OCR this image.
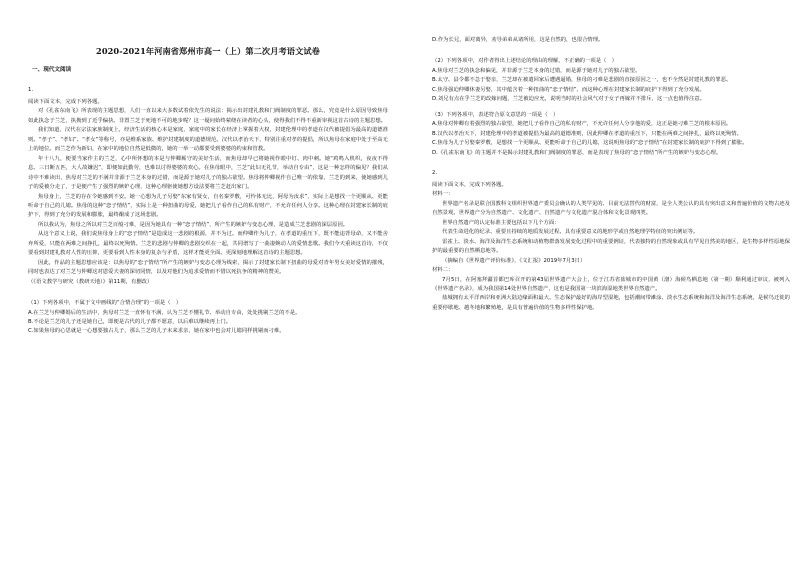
2020-2021年河南省郑州市高一（上）第二次月考语文试卷
一、现代文阅读
1.

阅读下面文本，完成下列各题。

对《孔雀东南飞》所表现的主题思想，人们一直以来大多数试着依先生的说法：揭示出封建礼教和门阀制度的罪恶。那么，究竟是什么原因导致焦母如此执念于兰芝，执拗到了近乎偏执、非置兰芝于死地不可的地步呢？这一疑问始终萦绕在读者的心头，使得我们不得不重新审视这首古诗的主题思想。

我们知道，汉代在宗法家族制度上，经济生活的核心本是家庭，家庭中的家长在经济上掌握着大权，封建伦理中的孝道在汉代被提倡为最高的道德准则。“孝子”、“孝妇”、“孝女”等称号，亦是维系家族、维护封建制度的道德规范。汉代以孝治天下，特别注重对孝的提倡，所以焦母在家庭中处于至高无上的地位。而兰芝作为新妇，在家中的地位自然是低微的，她的一举一动都要受到婆婆的约束和管教。

年十八九，便要当家作主的兰芝，心中所怀想的本是与仲卿厮守的美好生活，而焦母却早已将她视作眼中钉、肉中刺。她“鸡鸣入机织，夜夜不得息。三日断五匹，大人故嫌迟”，即便如此勤劳，也难以讨得婆婆的欢心。在焦母眼中，兰芝“此妇无礼节，举动自专由”，这是一种怎样的偏见？我们从诗中不难读出，焦母对兰芝的不满并非源于兰芝本身的过错，而是源于她对儿子的独占欲望。焦母将仲卿视作自己唯一的依靠，兰芝的到来，使她感到儿子的爱被分走了，于是便产生了强烈的嫉妒心理，这种心理驱使她想方设法要将兰芝赶出家门。

焦母身上，兰芝的存在令她感到不安。她一心想为儿子另娶“东家有贤女，自名秦罗敷，可怜体无比，阿母为汝求”，实际上是想找一个更顺从、更能听命于自己的儿媳。焦母的这种“恋子情结”，实际上是一种扭曲的母爱，她把儿子看作自己的私有财产，不允许任何人分享。这种心理在封建家长制的庇护下，得到了充分的发展和膨胀，最终酿成了这场悲剧。

所以我认为，焦母之所以对兰芝百般刁难，是因为她具有一种“恋子情结”，所产生的嫉妒与变态心理，是造成兰芝悲剧的深层原因。

从这个意义上说，我们说焦母身上的“恋子情结”是造成这一悲剧的根源，并不为过。而仲卿作为儿子，在孝道的重压下，既不能违背母命，又不能舍弃所爱，只能在两难之间挣扎，最终以死殉情。兰芝的悲剧与仲卿的悲剧交织在一起，共同谱写了一曲凄婉动人的爱情悲歌。我们今天重读这首诗，不仅要看到封建礼教对人性的压抑，更要看到人性本身的复杂与矛盾，这样才能更全面、更深刻地理解这首诗的主题思想。

因此，作品的主题思想应该是：以焦母的“恋子情结”所产生的嫉妒与变态心理为线索，揭示了封建家长制下扭曲的母爱对青年男女美好爱情的摧残，同时也表达了对兰芝与仲卿这对恩爱夫妻的深切同情，以及对他们为追求爱情而不惜以死抗争的精神的赞美。

（《语文教学与研究（教研天地）》第11期，有删改）

（1）下列各项中，不属于文中画线的“合情合理”的一项是（　）

A.在兰芝与仲卿婚后的生活中，焦母对兰芝一直怀有不满，认为兰芝不懂礼节、举动自专由，处处挑剔兰芝的不是。

B.不论是兰芝的儿子还是她自己，即便是古代的儿子都不愿意，以后难以继续再上门。

C.如果焦母的心思就是一心想要独占儿子，那么兰芝的儿子未来求亲，她在家中也会对儿媳同样挑剔而刁难。

D.作为长兄，面对离异，劝导弟弟从诸所用，这是自然的，也很合情理。

（2）下列各项中，对作者得出上述结论的理由的理解，不正确的一项是（　）

A.焦母对兰芝的执念和偏见，并非源于兰芝本身的过错，而是源于她对儿子的独占欲望。

B.太守、县令都不急于娶亲，兰芝却在被遣回家后遭遇逼婚，焦母的刁难是悲剧的直接原因之一，也不全然是封建礼教的罪恶。

C.焦母强迫仲卿休妻另娶，其中蕴含着一种扭曲的“恋子情结”，而这种心理在封建家长制的庇护下得到了充分发展。

D.刘兄有点在乎兰芝的改嫁问题，兰芝被迫应允，说明当时的社会风气对于女子再嫁并不排斥，这一点也值得注意。

（3）下列各项中，表述符合原文意思的一项是（　）

A.焦母对仲卿有着强烈的独占欲望，她把儿子看作自己的私有财产，不允许任何人分享他的爱，这正是她刁难兰芝的根本原因。

B.汉代以孝治天下，封建伦理中的孝道被提倡为最高的道德准则，因此仲卿在孝道的重压下，只能在两难之间挣扎，最终以死殉情。

C.焦母为儿子另娶秦罗敷，是想找一个更顺从、更能听命于自己的儿媳，这说明焦母的“恋子情结”在封建家长制的庇护下得到了膨胀。

D.《孔雀东南飞》的主题并不是揭示封建礼教和门阀制度的罪恶，而是表现了焦母的“恋子情结”所产生的嫉妒与变态心理。

2.

阅读下面文本，完成下列各题。

材料一：

世界遗产名录是联合国教科文组织世界遗产委员会确认的人类罕见的、目前无法替代的财富，是全人类公认的具有突出意义和普遍价值的文物古迹及自然景观。世界遗产分为自然遗产、文化遗产、自然遗产与文化遗产混合体和文化景观四类。

世界自然遗产的认定标准主要包括以下几个方面：

代表生命进化的纪录、重要且持续的地质发展过程、具有重要意义的地形学或自然地理学特征的突出例证等。

雷雀上、淡水、海洋及海洋生态系统和动植物群落发展变化过程中的重要例证，代表独特的自然现象或具有罕见自然美的地区，是生物多样性原地保护的最重要的自然栖息地等。

（摘编自《世界遗产评价标准》，《文汇报》2019年7月3日）

材料二：

7月5日，在阿塞拜疆首都巴库召开的第43届世界遗产大会上，位于江苏省盐城市的中国黄（渤）海候鸟栖息地（第一期）顺利通过审议，被列入《世界遗产名录》，成为我国第14处世界自然遗产，这也是我国第一块滨海湿地类世界自然遗产。

盐城拥有太平洋西岸和亚洲大陆边缘面积最大、生态保护最好的海岸型湿地，包括潮间带滩涂、淡水生态系统和海洋及海洋生态系统，是候鸟迁徙的重要停歇地、越冬地和繁殖地，是具有普遍价值的生物多样性保护地。
